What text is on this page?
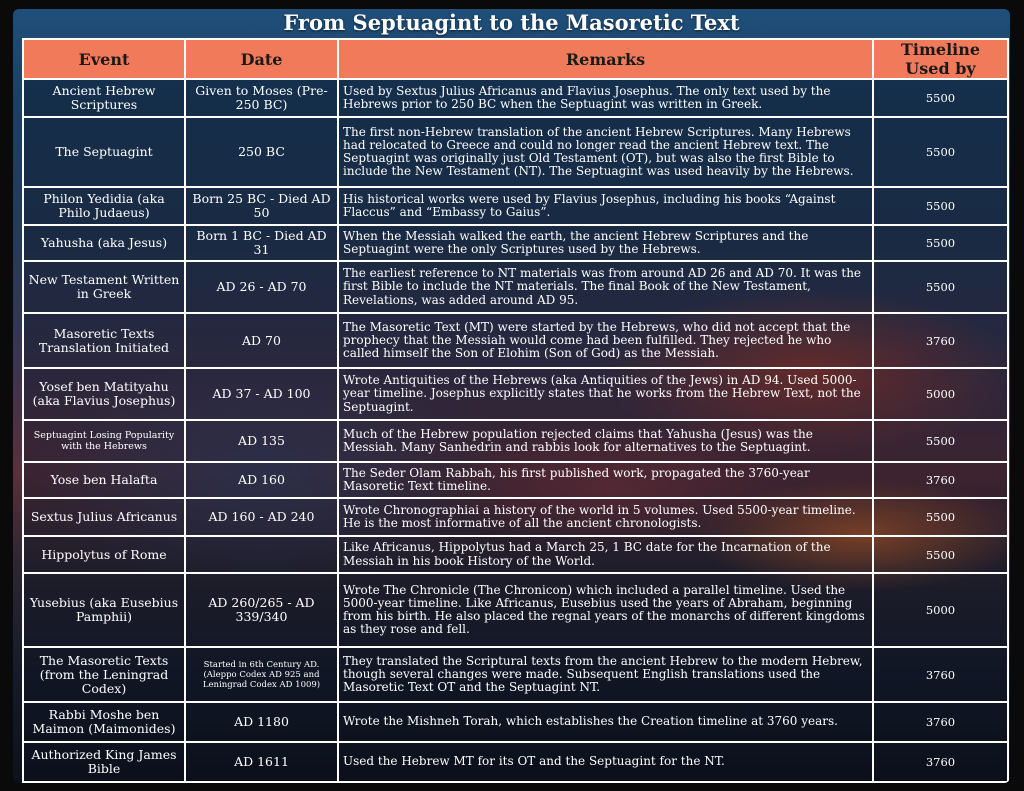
From Septuagint to the Masoretic Text
Event	Date	Remarks	Timeline Used by
Ancient Hebrew Scriptures	Given to Moses (Pre-250 BC)	Used by Sextus Julius Africanus and Flavius Josephus. The only text used by the Hebrews prior to 250 BC when the Septuagint was written in Greek.	5500
The Septuagint	250 BC	The first non-Hebrew translation of the ancient Hebrew Scriptures. Many Hebrews had relocated to Greece and could no longer read the ancient Hebrew text. The Septuagint was originally just Old Testament (OT), but was also the first Bible to include the New Testament (NT). The Septuagint was used heavily by the Hebrews.	5500
Philon Yedidia (aka Philo Judaeus)	Born 25 BC - Died AD 50	His historical works were used by Flavius Josephus, including his books “Against Flaccus” and “Embassy to Gaius”.	5500
Yahusha (aka Jesus)	Born 1 BC - Died AD 31	When the Messiah walked the earth, the ancient Hebrew Scriptures and the Septuagint were the only Scriptures used by the Hebrews.	5500
New Testament Written in Greek	AD 26 - AD 70	The earliest reference to NT materials was from around AD 26 and AD 70. It was the first Bible to include the NT materials. The final Book of the New Testament, Revelations, was added around AD 95.	5500
Masoretic Texts Translation Initiated	AD 70	The Masoretic Text (MT) were started by the Hebrews, who did not accept that the prophecy that the Messiah would come had been fulfilled. They rejected he who called himself the Son of Elohim (Son of God) as the Messiah.	3760
Yosef ben Matityahu (aka Flavius Josephus)	AD 37 - AD 100	Wrote Antiquities of the Hebrews (aka Antiquities of the Jews) in AD 94. Used 5000-year timeline. Josephus explicitly states that he works from the Hebrew Text, not the Septuagint.	5000
Septuagint Losing Popularity with the Hebrews	AD 135	Much of the Hebrew population rejected claims that Yahusha (Jesus) was the Messiah. Many Sanhedrin and rabbis look for alternatives to the Septuagint.	5500
Yose ben Halafta	AD 160	The Seder Olam Rabbah, his first published work, propagated the 3760-year Masoretic Text timeline.	3760
Sextus Julius Africanus	AD 160 - AD 240	Wrote Chronographiai a history of the world in 5 volumes. Used 5500-year timeline. He is the most informative of all the ancient chronologists.	5500
Hippolytus of Rome		Like Africanus, Hippolytus had a March 25, 1 BC date for the Incarnation of the Messiah in his book History of the World.	5500
Yusebius (aka Eusebius Pamphii)	AD 260/265 - AD 339/340	Wrote The Chronicle (The Chronicon) which included a parallel timeline. Used the 5000-year timeline. Like Africanus, Eusebius used the years of Abraham, beginning from his birth. He also placed the regnal years of the monarchs of different kingdoms as they rose and fell.	5000
The Masoretic Texts (from the Leningrad Codex)	Started in 6th Century AD. (Aleppo Codex AD 925 and Leningrad Codex AD 1009)	They translated the Scriptural texts from the ancient Hebrew to the modern Hebrew, though several changes were made. Subsequent English translations used the Masoretic Text OT and the Septuagint NT.	3760
Rabbi Moshe ben Maimon (Maimonides)	AD 1180	Wrote the Mishneh Torah, which establishes the Creation timeline at 3760 years.	3760
Authorized King James Bible	AD 1611	Used the Hebrew MT for its OT and the Septuagint for the NT.	3760
